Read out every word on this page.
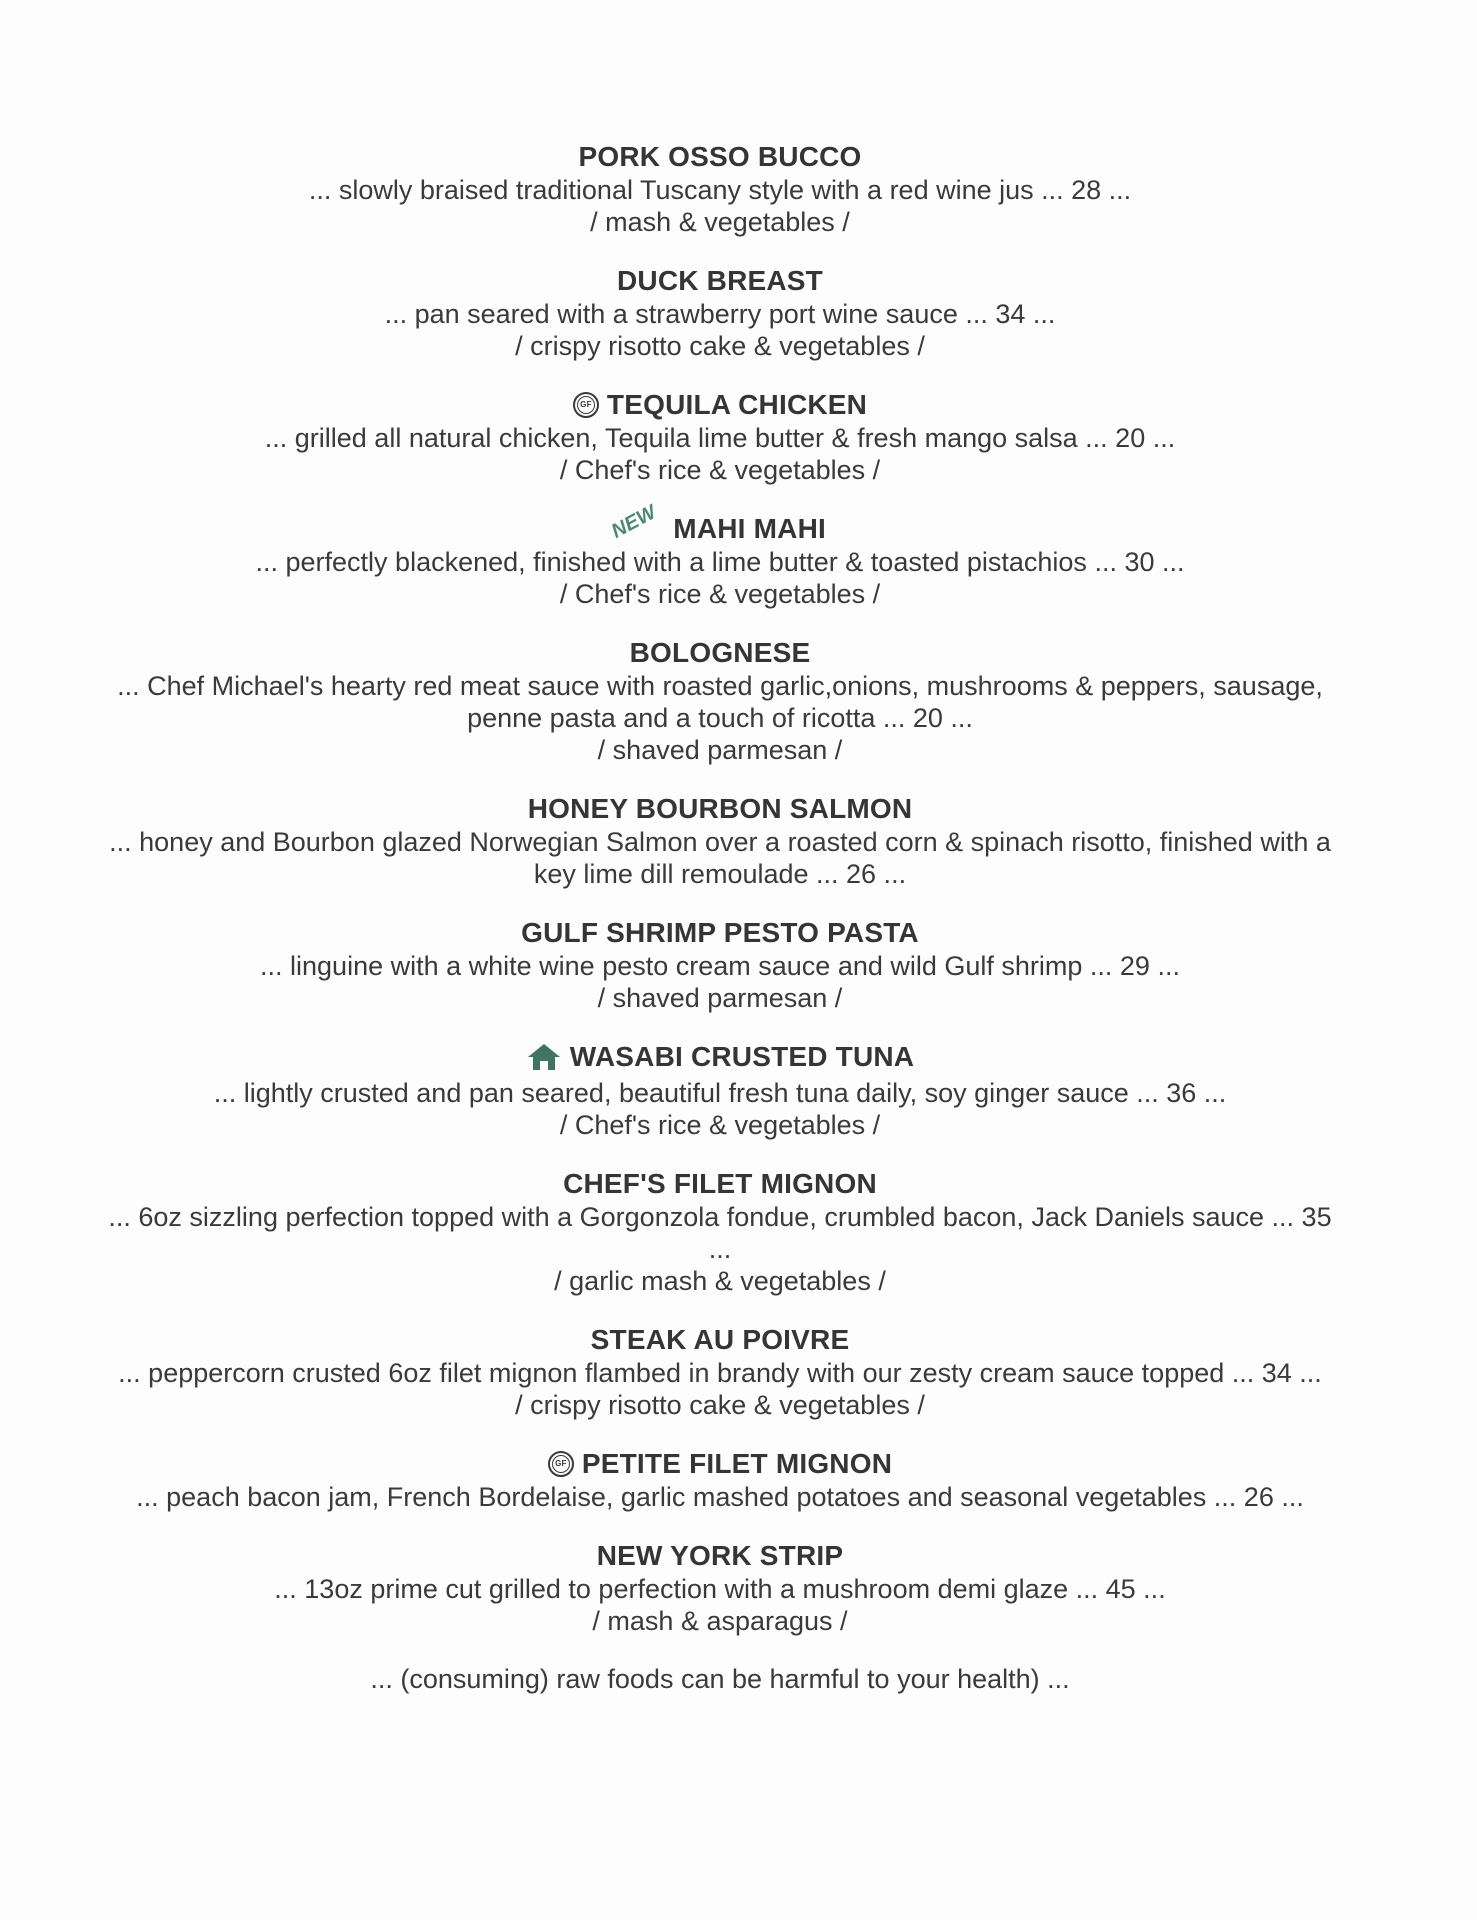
PORK OSSO BUCCO
... slowly braised traditional Tuscany style with a red wine jus ... 28 ...
/ mash & vegetables /
DUCK BREAST
... pan seared with a strawberry port wine sauce ... 34 ...
/ crispy risotto cake & vegetables /
GF TEQUILA CHICKEN
... grilled all natural chicken, Tequila lime butter & fresh mango salsa ... 20 ...
/ Chef's rice & vegetables /
NEW MAHI MAHI
... perfectly blackened, finished with a lime butter & toasted pistachios ... 30 ...
/ Chef's rice & vegetables /
BOLOGNESE
... Chef Michael's hearty red meat sauce with roasted garlic,onions, mushrooms & peppers, sausage, penne pasta and a touch of ricotta ... 20 ...
/ shaved parmesan /
HONEY BOURBON SALMON
... honey and Bourbon glazed Norwegian Salmon over a roasted corn & spinach risotto, finished with a key lime dill remoulade ... 26 ...
GULF SHRIMP PESTO PASTA
... linguine with a white wine pesto cream sauce and wild Gulf shrimp ... 29 ...
/ shaved parmesan /
WASABI CRUSTED TUNA
... lightly crusted and pan seared, beautiful fresh tuna daily, soy ginger sauce ... 36 ...
/ Chef's rice & vegetables /
CHEF'S FILET MIGNON
... 6oz sizzling perfection topped with a Gorgonzola fondue, crumbled bacon, Jack Daniels sauce ... 35
...
/ garlic mash & vegetables /
STEAK AU POIVRE
... peppercorn crusted 6oz filet mignon flambed in brandy with our zesty cream sauce topped ... 34 ...
/ crispy risotto cake & vegetables /
GF PETITE FILET MIGNON
... peach bacon jam, French Bordelaise, garlic mashed potatoes and seasonal vegetables ... 26 ...
NEW YORK STRIP
... 13oz prime cut grilled to perfection with a mushroom demi glaze ... 45 ...
/ mash & asparagus /
... (consuming) raw foods can be harmful to your health) ...
